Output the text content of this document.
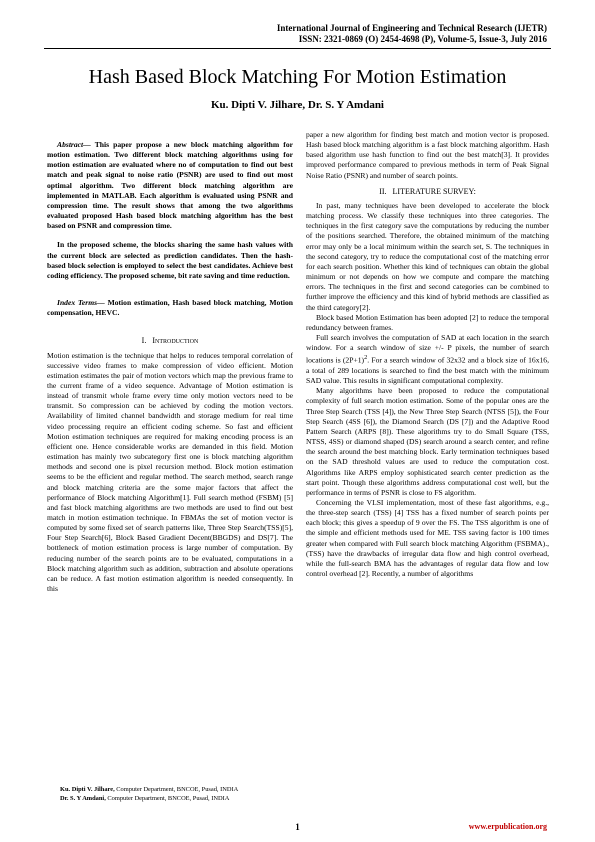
International Journal of Engineering and Technical Research (IJETR)
ISSN: 2321-0869 (O) 2454-4698 (P), Volume-5, Issue-3, July 2016
Hash Based Block Matching For Motion Estimation
Ku. Dipti V. Jilhare, Dr. S. Y Amdani

Abstract— This paper propose a new block matching algorithm for motion estimation. Two different block matching algorithms using for motion estimation are evaluated where no of computation to find out best match and peak signal to noise ratio (PSNR) are used to find out most optimal algorithm. Two different block matching algorithm are implemented in MATLAB. Each algorithm is evaluated using PSNR and compression time. The result shows that among the two algorithms evaluated proposed Hash based block matching algorithm has the best based on PSNR and compression time.

In the proposed scheme, the blocks sharing the same hash values with the current block are selected as prediction candidates. Then the hash-based block selection is employed to select the best candidates. Achieve best coding efficiency. The proposed scheme, bit rate saving and time reduction.

Index Terms— Motion estimation, Hash based block matching, Motion compensation, HEVC.

I. Introduction

Motion estimation is the technique that helps to reduces temporal correlation of successive video frames to make compression of video efficient. Motion estimation estimates the pair of motion vectors which map the previous frame to the current frame of a video sequence. Advantage of Motion estimation is instead of transmit whole frame every time only motion vectors need to be transmit. So compression can be achieved by coding the motion vectors. Availability of limited channel bandwidth and storage medium for real time video processing require an efficient coding scheme. So fast and efficient Motion estimation techniques are required for making encoding process is an efficient one. Hence considerable works are demanded in this field. Motion estimation has mainly two subcategory first one is block matching algorithm methods and second one is pixel recursion method. Block motion estimation seems to be the efficient and regular method. The search method, search range and block matching criteria are the some major factors that affect the performance of Block matching Algorithm[1]. Full search method (FSBM) [5] and fast block matching algorithms are two methods are used to find out best match in motion estimation technique. In FBMAs the set of motion vector is computed by some fixed set of search patterns like, Three Step Search(TSS)[5], Four Step Search[6], Block Based Gradient Decent(BBGDS) and DS[7]. The bottleneck of motion estimation process is large number of computation. By reducing number of the search points are to be evaluated, computations in a Block matching algorithm such as addition, subtraction and absolute operations can be reduce. A fast motion estimation algorithm is needed consequently. In this

Ku. Dipti V. Jilhare, Computer Department, BNCOE, Pusad, INDIA
Dr. S. Y Amdani, Computer Department, BNCOE, Pusad, INDIA

paper a new algorithm for finding best match and motion vector is proposed. Hash based block matching algorithm is a fast block matching algorithm. Hash based algorithm use hash function to find out the best match[3]. It provides improved performance compared to previous methods in term of Peak Signal Noise Ratio (PSNR) and number of search points.

II. LITERATURE SURVEY:

In past, many techniques have been developed to accelerate the block matching process. We classify these techniques into three categories. The techniques in the first category save the computations by reducing the number of the positions searched. Therefore, the obtained minimum of the matching error may only be a local minimum within the search set, S. The techniques in the second category, try to reduce the computational cost of the matching error for each search position. Whether this kind of techniques can obtain the global minimum or not depends on how we compute and compare the matching errors. The techniques in the first and second categories can be combined to further improve the efficiency and this kind of hybrid methods are classified as the third category[2].

Block based Motion Estimation has been adopted [2] to reduce the temporal redundancy between frames.

Full search involves the computation of SAD at each location in the search window. For a search window of size +/- P pixels, the number of search locations is $(2P+1)^2$. For a search window of 32x32 and a block size of 16x16, a total of 289 locations is searched to find the best match with the minimum SAD value. This results in significant computational complexity.

Many algorithms have been proposed to reduce the computational complexity of full search motion estimation. Some of the popular ones are the Three Step Search (TSS [4]), the New Three Step Search (NTSS [5]), the Four Step Search (4SS [6]), the Diamond Search (DS [7]) and the Adaptive Rood Pattern Search (ARPS [8]). These algorithms try to do Small Square (TSS, NTSS, 4SS) or diamond shaped (DS) search around a search center, and refine the search around the best matching block. Early termination techniques based on the SAD threshold values are used to reduce the computation cost. Algorithms like ARPS employ sophisticated search center prediction as the start point. Though these algorithms address computational cost well, but the performance in terms of PSNR is close to FS algorithm.

Concerning the VLSI implementation, most of these fast algorithms, e.g., the three-step search (TSS) [4] TSS has a fixed number of search points per each block; this gives a speedup of 9 over the FS. The TSS algorithm is one of the simple and efficient methods used for ME. TSS saving factor is 100 times greater when compared with Full search block matching Algorithm (FSBMA)., (TSS) have the drawbacks of irregular data flow and high control overhead, while the full-search BMA has the advantages of regular data flow and low control overhead [2]. Recently, a number of algorithms

1	www.erpublication.org
